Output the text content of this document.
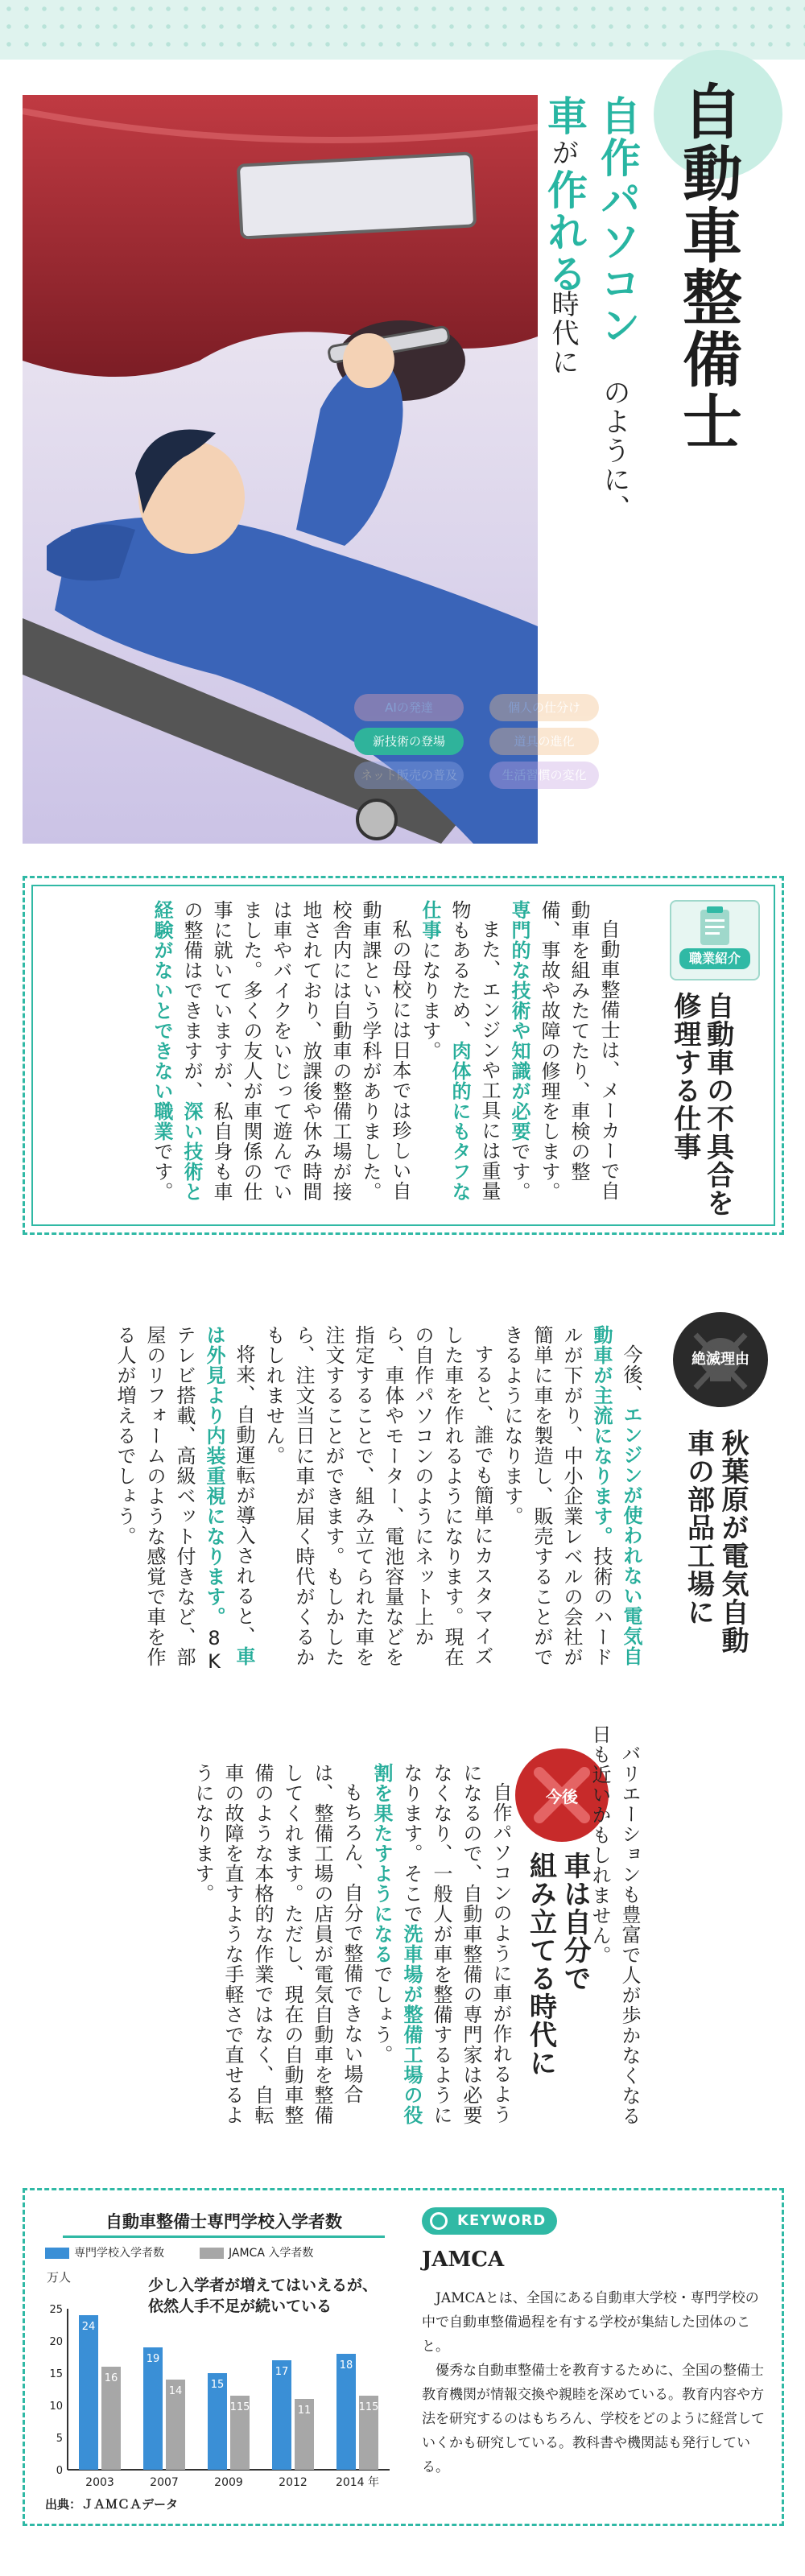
AIの発達	個人の仕分け
新技術の登場	道具の進化
ネット販売の普及	生活習慣の変化
自動車整備士
自作パソコン
のように、
車
が
作れる
時代に
職業紹介
自動車の不具合を
修理する仕事
自動車整備士は、メーカーで自動車を組みたてたり、車検の整備、事故や故障の修理をします。専門的な技術や知識が必要です。
また、エンジンや工具には重量物もあるため、肉体的にもタフな仕事になります。
私の母校には日本では珍しい自動車課という学科がありました。校舎内には自動車の整備工場が接地されており、放課後や休み時間は車やバイクをいじって遊んでいました。多くの友人が車関係の仕事に就いていますが、私自身も車の整備はできますが、深い技術と経験がないとできない職業です。
絶滅理由
秋葉原が電気自動
車の部品工場に
今後、エンジンが使われない電気自動車が主流になります。技術のハードルが下がり、中小企業レベルの会社が簡単に車を製造し、販売することができるようになります。
すると、誰でも簡単にカスタマイズした車を作れるようになります。現在の自作パソコンのようにネット上から、車体やモーター、電池容量などを指定することで、組み立てられた車を注文することができます。もしかしたら、注文当日に車が届く時代がくるかもしれません。
将来、自動運転が導入されると、車は外見より内装重視になります。8Kテレビ搭載、高級ベット付きなど、部屋のリフォームのような感覚で車を作る人が増えるでしょう。
今後
車は自分で
組み立てる時代に	バリエーションも豊富で人が歩かなくなる日も近いかもしれません。
自作パソコンのように車が作れるようになるので、自動車整備の専門家は必要なくなり、一般人が車を整備するようになります。そこで洗車場が整備工場の役割を果たすようになるでしょう。
もちろん、自分で整備できない場合は、整備工場の店員が電気自動車を整備してくれます。ただし、現在の自動車整備のような本格的な作業ではなく、自転車の故障を直すような手軽さで直せるようになります。
自動車整備士専門学校入学者数
専門学校入学者数	JAMCA 入学者数
万人	少し入学者が増えてはいえるが、
依然人手不足が続いている
0
5
10
15
20
25
24
16
2003
19
14
2007
15
115
2009
17
11
2012
18
115
2014 年
出典：ＪＡＭＣＡデータ
KEYWORD
JAMCA

JAMCAとは、全国にある自動車大学校・専門学校の中で自動車整備過程を有する学校が集結した団体のこと。

優秀な自動車整備士を教育するために、全国の整備士教育機関が情報交換や親睦を深めている。教育内容や方法を研究するのはもちろん、学校をどのように経営していくかも研究している。教科書や機関誌も発行している。
